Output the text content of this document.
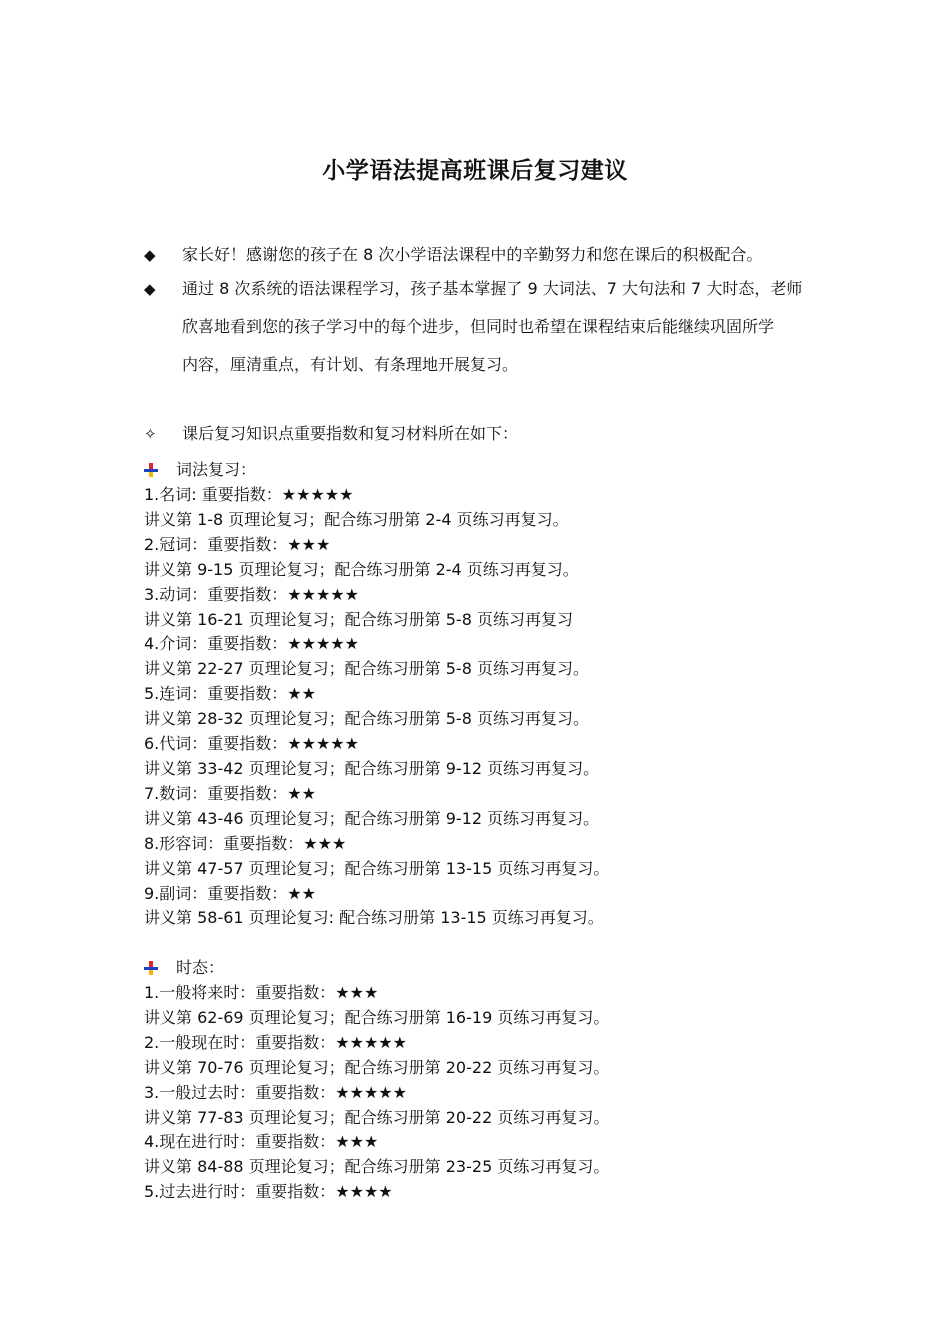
小学语法提高班课后复习建议
◆	家长好！感谢您的孩子在 8 次小学语法课程中的辛勤努力和您在课后的积极配合。
◆	通过 8 次系统的语法课程学习，孩子基本掌握了 9 大词法、7 大句法和 7 大时态，老师
欣喜地看到您的孩子学习中的每个进步，但同时也希望在课程结束后能继续巩固所学
内容，厘清重点，有计划、有条理地开展复习。
✧ 课后复习知识点重要指数和复习材料所在如下：
词法复习：
1.名词: 重要指数：★★★★★
讲义第 1-8 页理论复习；配合练习册第 2-4 页练习再复习。
2.冠词：重要指数：★★★
讲义第 9-15 页理论复习；配合练习册第 2-4 页练习再复习。
3.动词：重要指数：★★★★★
讲义第 16-21 页理论复习；配合练习册第 5-8 页练习再复习
4.介词：重要指数：★★★★★
讲义第 22-27 页理论复习；配合练习册第 5-8 页练习再复习。
5.连词：重要指数：★★
讲义第 28-32 页理论复习；配合练习册第 5-8 页练习再复习。
6.代词：重要指数：★★★★★
讲义第 33-42 页理论复习；配合练习册第 9-12 页练习再复习。
7.数词：重要指数：★★
讲义第 43-46 页理论复习；配合练习册第 9-12 页练习再复习。
8.形容词：重要指数：★★★
讲义第 47-57 页理论复习；配合练习册第 13-15 页练习再复习。
9.副词：重要指数：★★
讲义第 58-61 页理论复习: 配合练习册第 13-15 页练习再复习。
时态：
1.一般将来时：重要指数：★★★
讲义第 62-69 页理论复习；配合练习册第 16-19 页练习再复习。
2.一般现在时：重要指数：★★★★★
讲义第 70-76 页理论复习；配合练习册第 20-22 页练习再复习。
3.一般过去时：重要指数：★★★★★
讲义第 77-83 页理论复习；配合练习册第 20-22 页练习再复习。
4.现在进行时：重要指数：★★★
讲义第 84-88 页理论复习；配合练习册第 23-25 页练习再复习。
5.过去进行时：重要指数：★★★★
